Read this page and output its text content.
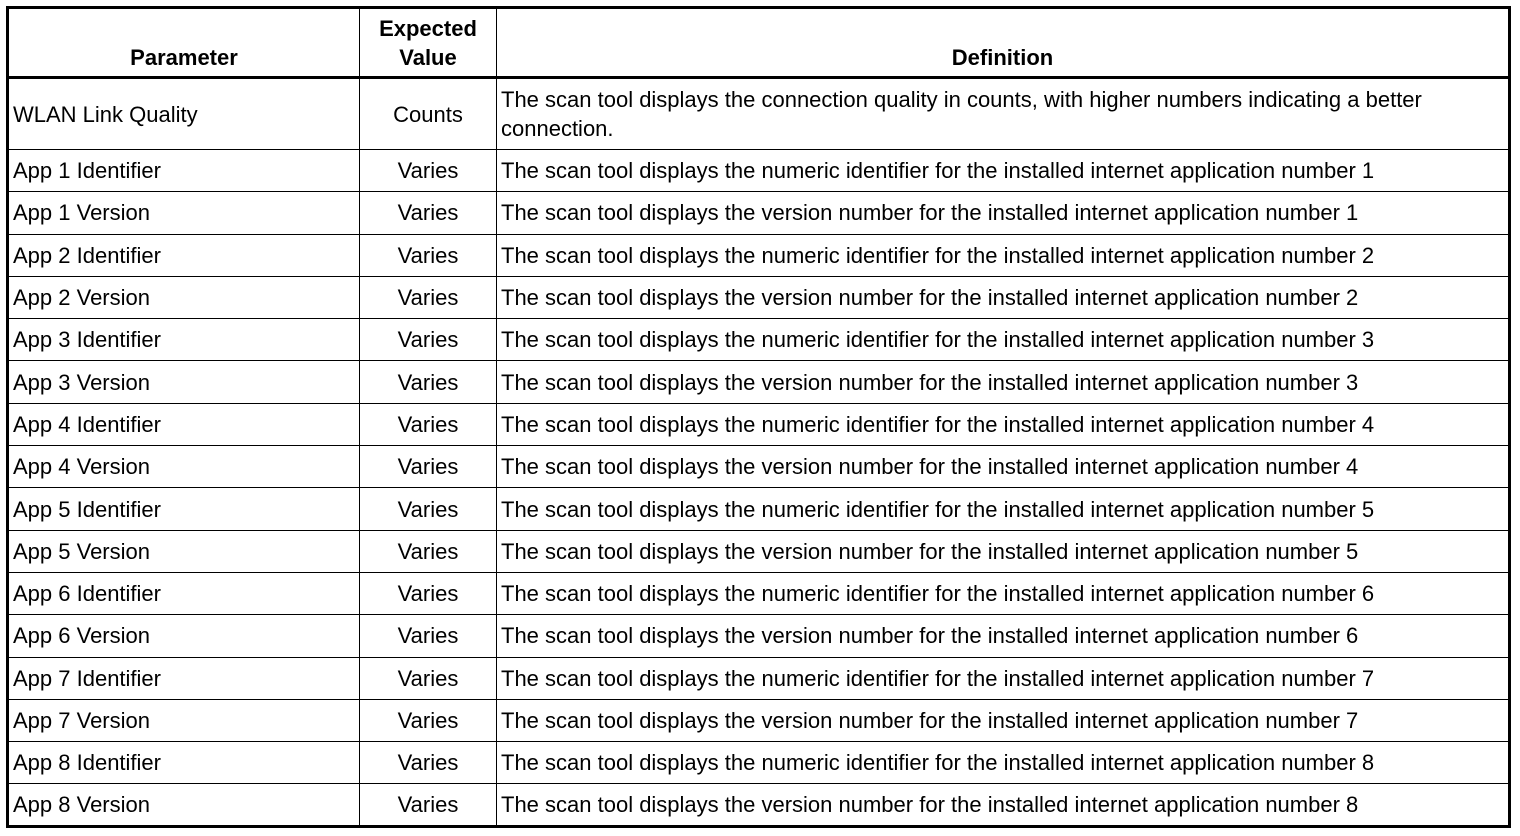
Parameter	Expected Value	Definition
WLAN Link Quality	Counts	The scan tool displays the connection quality in counts, with higher numbers indicating a better connection.
App 1 Identifier	Varies	The scan tool displays the numeric identifier for the installed internet application number 1
App 1 Version	Varies	The scan tool displays the version number for the installed internet application number 1
App 2 Identifier	Varies	The scan tool displays the numeric identifier for the installed internet application number 2
App 2 Version	Varies	The scan tool displays the version number for the installed internet application number 2
App 3 Identifier	Varies	The scan tool displays the numeric identifier for the installed internet application number 3
App 3 Version	Varies	The scan tool displays the version number for the installed internet application number 3
App 4 Identifier	Varies	The scan tool displays the numeric identifier for the installed internet application number 4
App 4 Version	Varies	The scan tool displays the version number for the installed internet application number 4
App 5 Identifier	Varies	The scan tool displays the numeric identifier for the installed internet application number 5
App 5 Version	Varies	The scan tool displays the version number for the installed internet application number 5
App 6 Identifier	Varies	The scan tool displays the numeric identifier for the installed internet application number 6
App 6 Version	Varies	The scan tool displays the version number for the installed internet application number 6
App 7 Identifier	Varies	The scan tool displays the numeric identifier for the installed internet application number 7
App 7 Version	Varies	The scan tool displays the version number for the installed internet application number 7
App 8 Identifier	Varies	The scan tool displays the numeric identifier for the installed internet application number 8
App 8 Version	Varies	The scan tool displays the version number for the installed internet application number 8
